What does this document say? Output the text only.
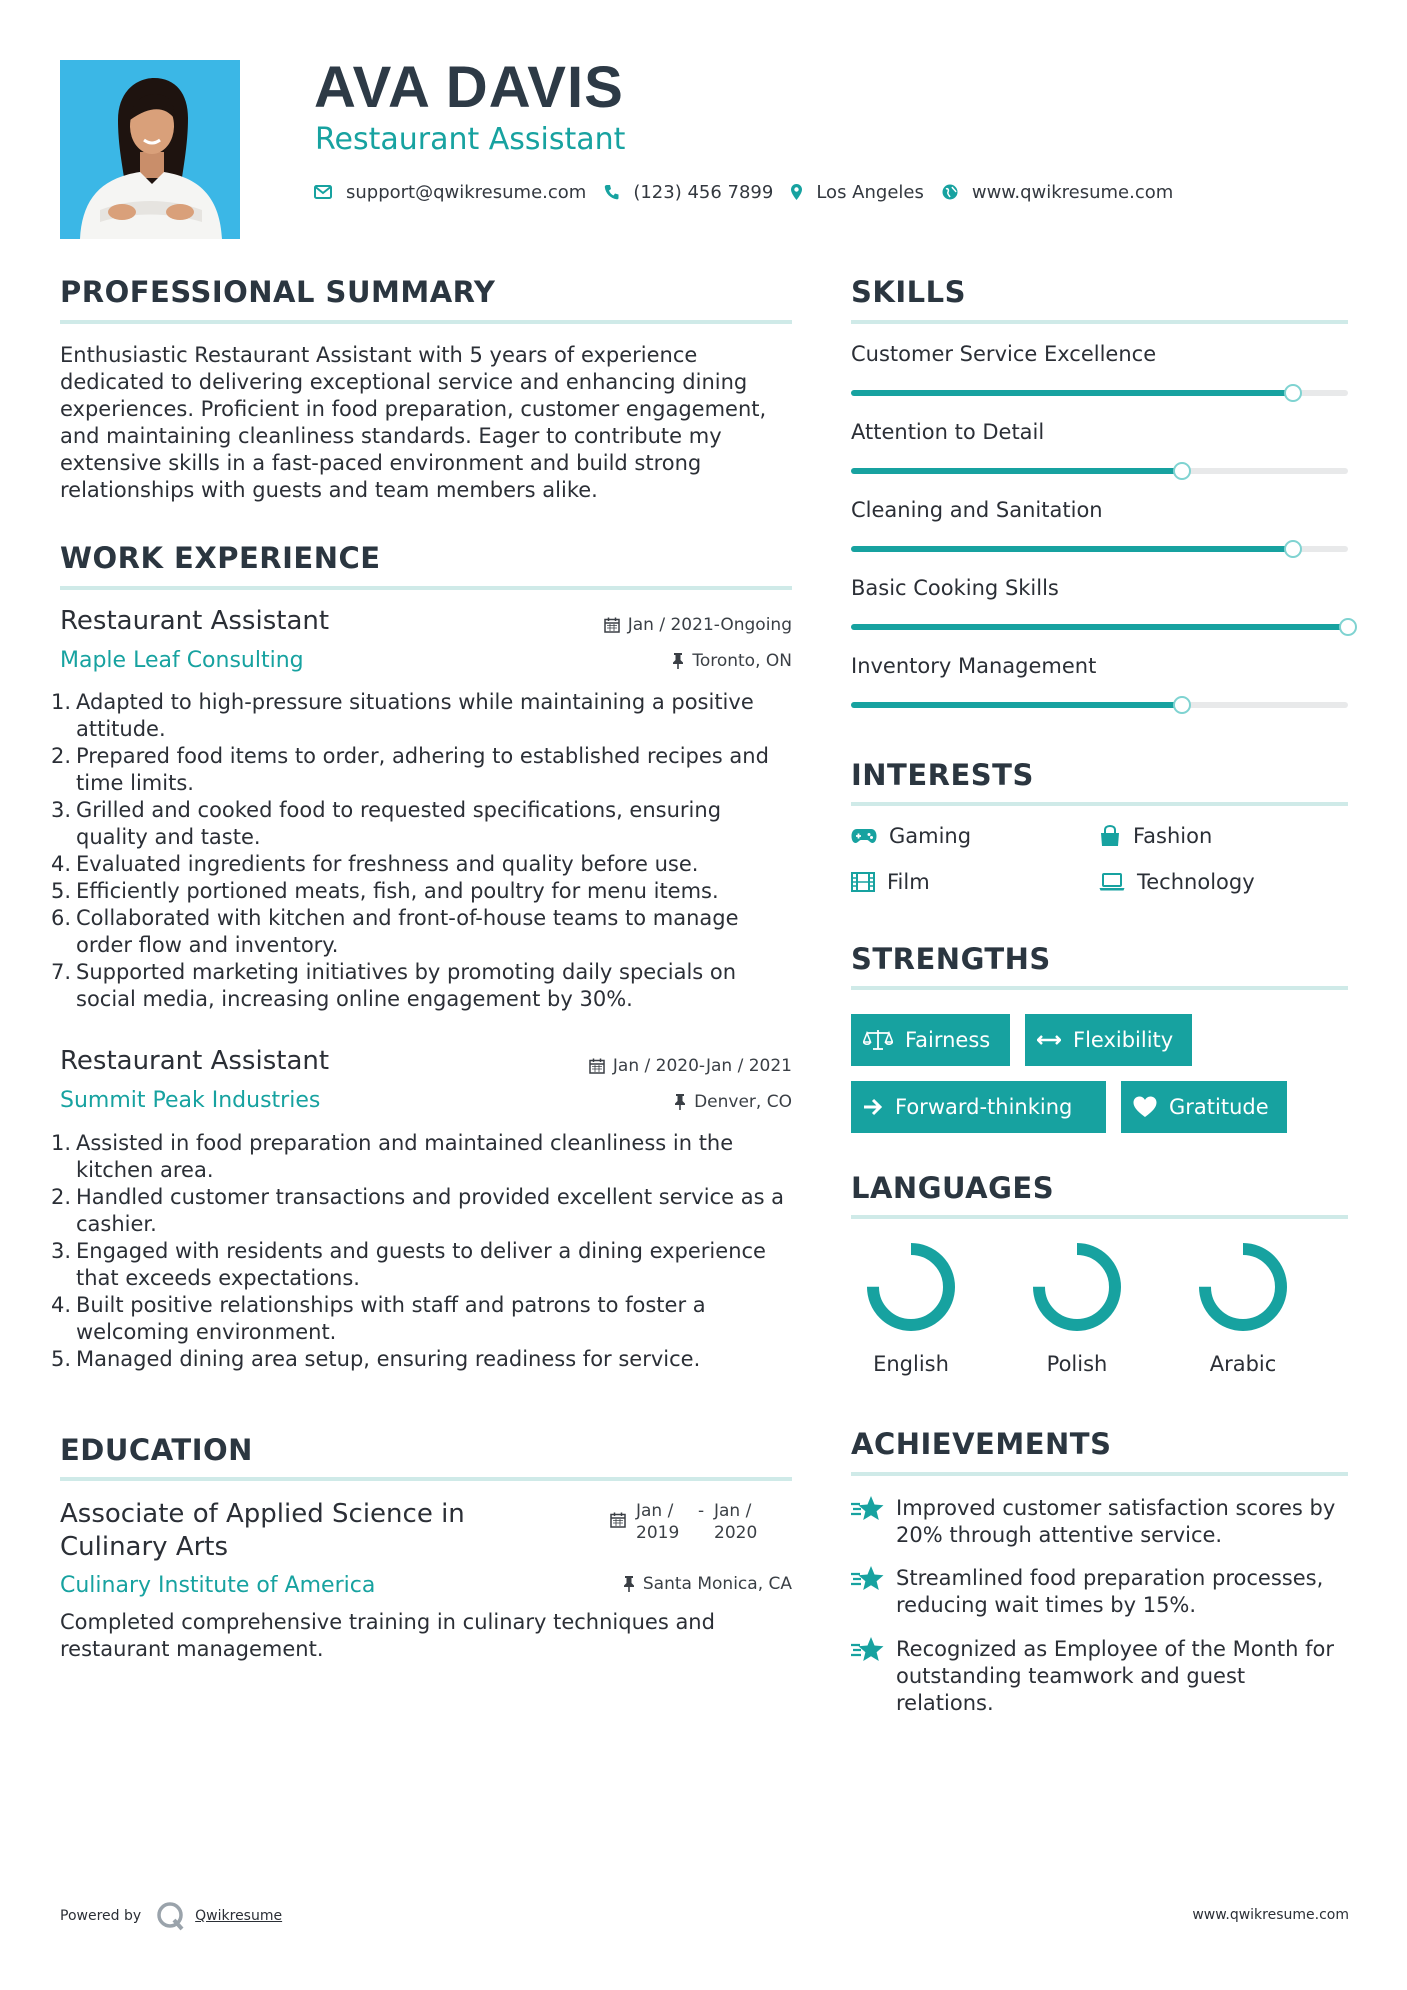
AVA DAVIS
Restaurant Assistant
support@qwikresume.com	(123) 456 7899 Los Angeles	www.qwikresume.com
PROFESSIONAL SUMMARY
Enthusiastic Restaurant Assistant with 5 years of experience dedicated to delivering exceptional service and enhancing dining experiences. Proficient in food preparation, customer engagement, and maintaining cleanliness standards. Eager to contribute my extensive skills in a fast-paced environment and build strong relationships with guests and team members alike.
WORK EXPERIENCE
Restaurant Assistant	Jan / 2021-Ongoing
Maple Leaf Consulting	Toronto, ON
1. Adapted to high-pressure situations while maintaining a positive attitude.
2. Prepared food items to order, adhering to established recipes and time limits.
3. Grilled and cooked food to requested specifications, ensuring quality and taste.
4. Evaluated ingredients for freshness and quality before use.
5. Efficiently portioned meats, fish, and poultry for menu items.
6. Collaborated with kitchen and front-of-house teams to manage order flow and inventory.
7. Supported marketing initiatives by promoting daily specials on social media, increasing online engagement by 30%.
Restaurant Assistant	Jan / 2020-Jan / 2021
Summit Peak Industries	Denver, CO
1. Assisted in food preparation and maintained cleanliness in the kitchen area.
2. Handled customer transactions and provided excellent service as a cashier.
3. Engaged with residents and guests to deliver a dining experience that exceeds expectations.
4. Built positive relationships with staff and patrons to foster a welcoming environment.
5. Managed dining area setup, ensuring readiness for service.
EDUCATION
Associate of Applied Science in
Culinary Arts
Jan /
2019
- Jan /
2020
Culinary Institute of America	Santa Monica, CA
Completed comprehensive training in culinary techniques and restaurant management.
SKILLS
Customer Service Excellence
Attention to Detail
Cleaning and Sanitation
Basic Cooking Skills
Inventory Management
INTERESTS
Gaming	Fashion
Film	Technology
STRENGTHS
Fairness	Flexibility
Forward-thinking	Gratitude
LANGUAGES
English	Polish	Arabic
ACHIEVEMENTS
Improved customer satisfaction scores by 20% through attentive service.
Streamlined food preparation processes, reducing wait times by 15%.
Recognized as Employee of the Month for outstanding teamwork and guest relations.
Powered by	Qwikresume	www.qwikresume.com
